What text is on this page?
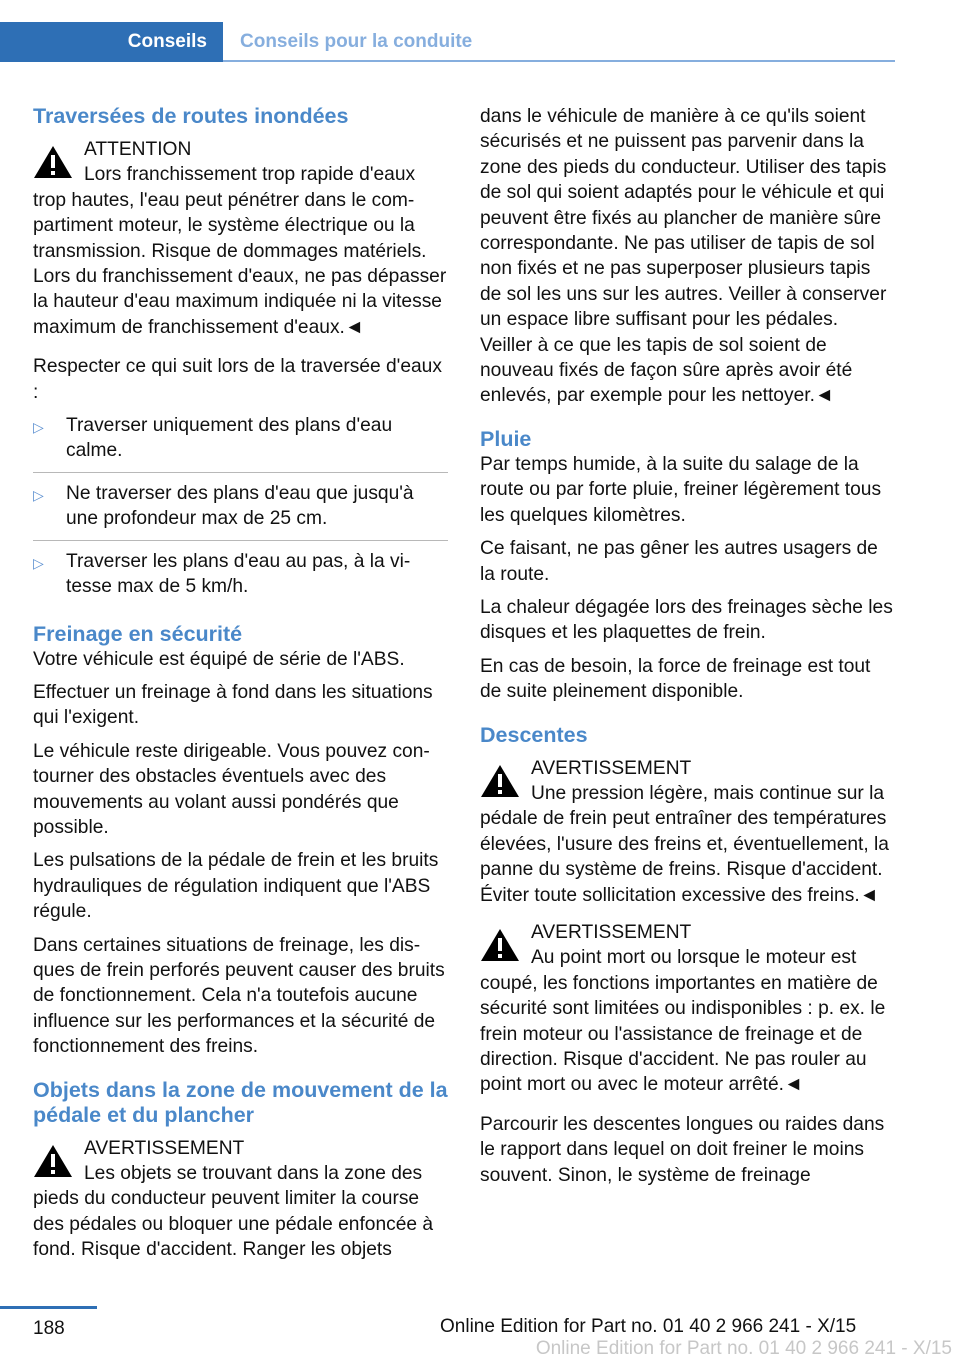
Conseils	Conseils pour la conduite
Traversées de routes inondées
ATTENTION
Lors franchissement trop rapide d'eaux
trop hautes, l'eau peut pénétrer dans le compartiment moteur, le système électrique ou la transmission. Risque de dommages matériels. Lors du franchissement d'eaux, ne pas dépasser la hauteur d'eau maximum indiquée ni la vitesse maximum de franchissement d'eaux.◄

Respecter ce qui suit lors de la traversée d'eaux :

▷ Traverser uniquement des plans d'eau calme.
▷ Ne traverser des plans d'eau que jusqu'à une profondeur max de 25 cm.
▷ Traverser les plans d'eau au pas, à la vitesse max de 5 km/h.
Freinage en sécurité

Votre véhicule est équipé de série de l'ABS.

Effectuer un freinage à fond dans les situations qui l'exigent.

Le véhicule reste dirigeable. Vous pouvez contourner des obstacles éventuels avec des mouvements au volant aussi pondérés que possible.

Les pulsations de la pédale de frein et les bruits hydrauliques de régulation indiquent que l'ABS régule.

Dans certaines situations de freinage, les disques de frein perforés peuvent causer des bruits de fonctionnement. Cela n'a toutefois aucune influence sur les performances et la sécurité de fonctionnement des freins.

Objets dans la zone de mouvement de la pédale et du plancher
AVERTISSEMENT
Les objets se trouvant dans la zone des
pieds du conducteur peuvent limiter la course des pédales ou bloquer une pédale enfoncée à fond. Risque d'accident. Ranger les objets

dans le véhicule de manière à ce qu'ils soient sécurisés et ne puissent pas parvenir dans la zone des pieds du conducteur. Utiliser des tapis de sol qui soient adaptés pour le véhicule et qui peuvent être fixés au plancher de manière sûre correspondante. Ne pas utiliser de tapis de sol non fixés et ne pas superposer plusieurs tapis de sol les uns sur les autres. Veiller à conserver un espace libre suffisant pour les pédales. Veiller à ce que les tapis de sol soient de nouveau fixés de façon sûre après avoir été enlevés, par exemple pour les nettoyer.◄

Pluie

Par temps humide, à la suite du salage de la route ou par forte pluie, freiner légèrement tous les quelques kilomètres.

Ce faisant, ne pas gêner les autres usagers de la route.

La chaleur dégagée lors des freinages sèche les disques et les plaquettes de frein.

En cas de besoin, la force de freinage est tout de suite pleinement disponible.

Descentes
AVERTISSEMENT
Une pression légère, mais continue sur la
pédale de frein peut entraîner des températures élevées, l'usure des freins et, éventuellement, la panne du système de freins. Risque d'accident. Éviter toute sollicitation excessive des freins.◄
AVERTISSEMENT
Au point mort ou lorsque le moteur est
coupé, les fonctions importantes en matière de sécurité sont limitées ou indisponibles : p. ex. le frein moteur ou l'assistance de freinage et de direction. Risque d'accident. Ne pas rouler au point mort ou avec le moteur arrêté.◄

Parcourir les descentes longues ou raides dans le rapport dans lequel on doit freiner le moins souvent. Sinon, le système de freinage

188	Online Edition for Part no. 01 40 2 966 241 - X/15
Online Edition for Part no. 01 40 2 966 241 - X/15
